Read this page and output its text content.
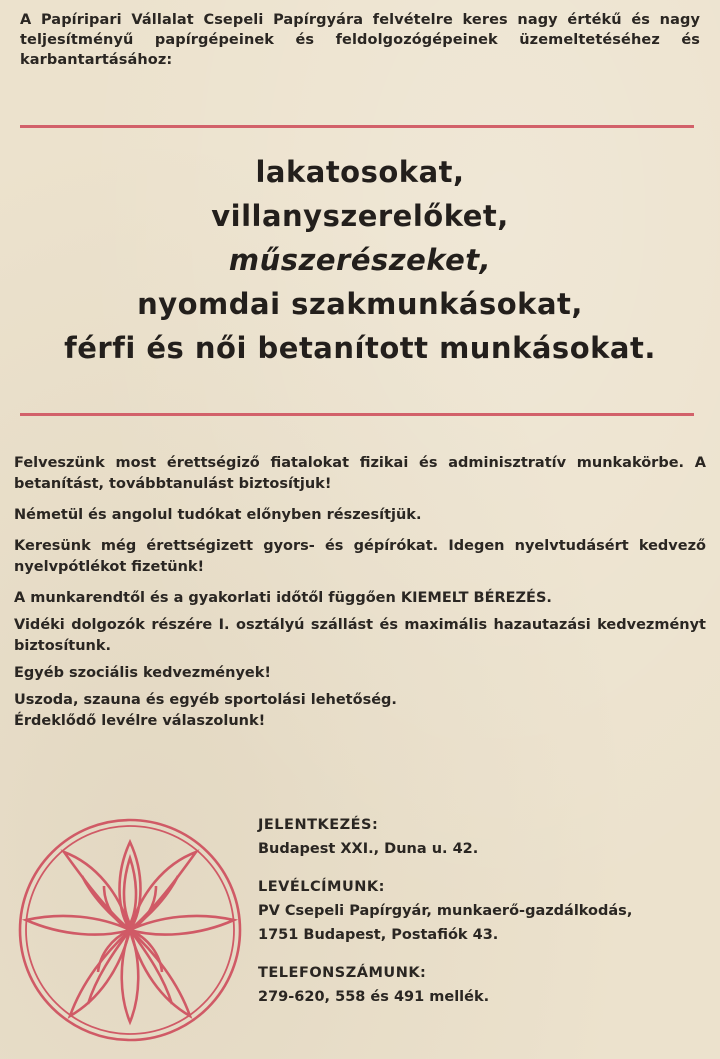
A Papíripari Vállalat Csepeli Papírgyára felvételre keres nagy értékű és nagy teljesítményű papírgépeinek és feldolgozógépeinek üzemeltetéséhez és karbantartásához:
lakatosokat,
villanyszerelőket,
műszerészeket,
nyomdai szakmunkásokat,
férfi és női betanított munkásokat.
Felveszünk most érettségiző fiatalokat fizikai és adminisztratív munkakörbe. A betanítást, továbbtanulást biztosítjuk!
Németül és angolul tudókat előnyben részesítjük.
Keresünk még érettségizett gyors- és gépírókat. Idegen nyelvtudásért kedvező nyelvpótlékot fizetünk!
A munkarendtől és a gyakorlati időtől függően KIEMELT BÉREZÉS.
Vidéki dolgozók részére I. osztályú szállást és maximális hazautazási kedvezményt biztosítunk.
Egyéb szociális kedvezmények!
Uszoda, szauna és egyéb sportolási lehetőség.
Érdeklődő levélre válaszolunk!
JELENTKEZÉS:
Budapest XXI., Duna u. 42.
LEVÉLCÍMUNK:
PV Csepeli Papírgyár, munkaerő-gazdálkodás,
1751 Budapest, Postafiók 43.
TELEFONSZÁMUNK:
279-620, 558 és 491 mellék.
